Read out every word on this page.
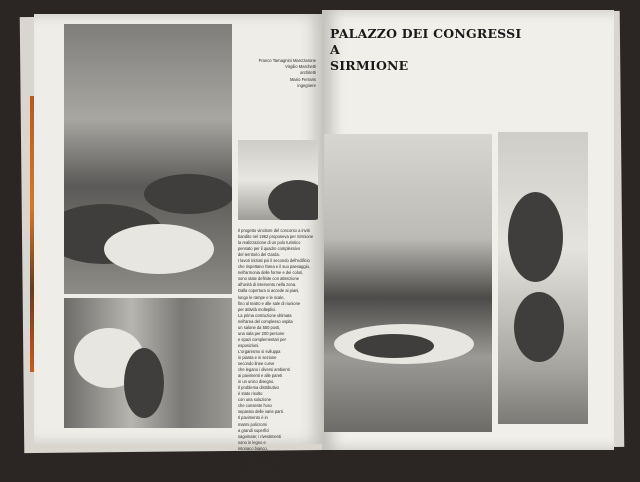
PALAZZO DEI CONGRESSI
A
SIRMIONE
Franco Tamagnini Manzzarone
Virgilio Marchetti
architetti
Mario Ferraris
ingegnere
Il progetto vincitore del concorso a inviti
bandito nel 1962 proponeva per Sirmione
la realizzazione di un polo turistico
pensato per il quadro complessivo
del territorio del Garda.
I lavori iniziati poi il secondo dell'edificio
che rispettano l'area e il suo paesaggio,
nell'armonia delle forme e dei colori,
sono state definite con attenzione
all'unità di intervento nella zona.
Dalla copertura si accede ai piani,
lungo le rampe e le scale,
fino al teatro e alle sale di riunione
per attività molteplici.
La prima costruzione ultimata
nell'area del complesso ospita
un salone da 550 posti,
una sala per 200 persone
e spazi complementari per
esposizioni.
L'organismo si sviluppa
in pianta e in sezione
secondo linee curve
che legano i diversi ambienti
ai pavimenti e alle pareti
in un unico disegno.
Il problema distributivo
è stato risolto
con una soluzione
che consente l'uso
separato delle varie parti.
Il pavimento è in
marmi policromi
a grandi superfici
sagomate; i rivestimenti
sono in legno e
intonaco bianco.
Nel foyer le scale
sono sospese alle pareti.
Qui le figurazioni
superano in dimensione
le misure di 8 x 8 dei lati.
